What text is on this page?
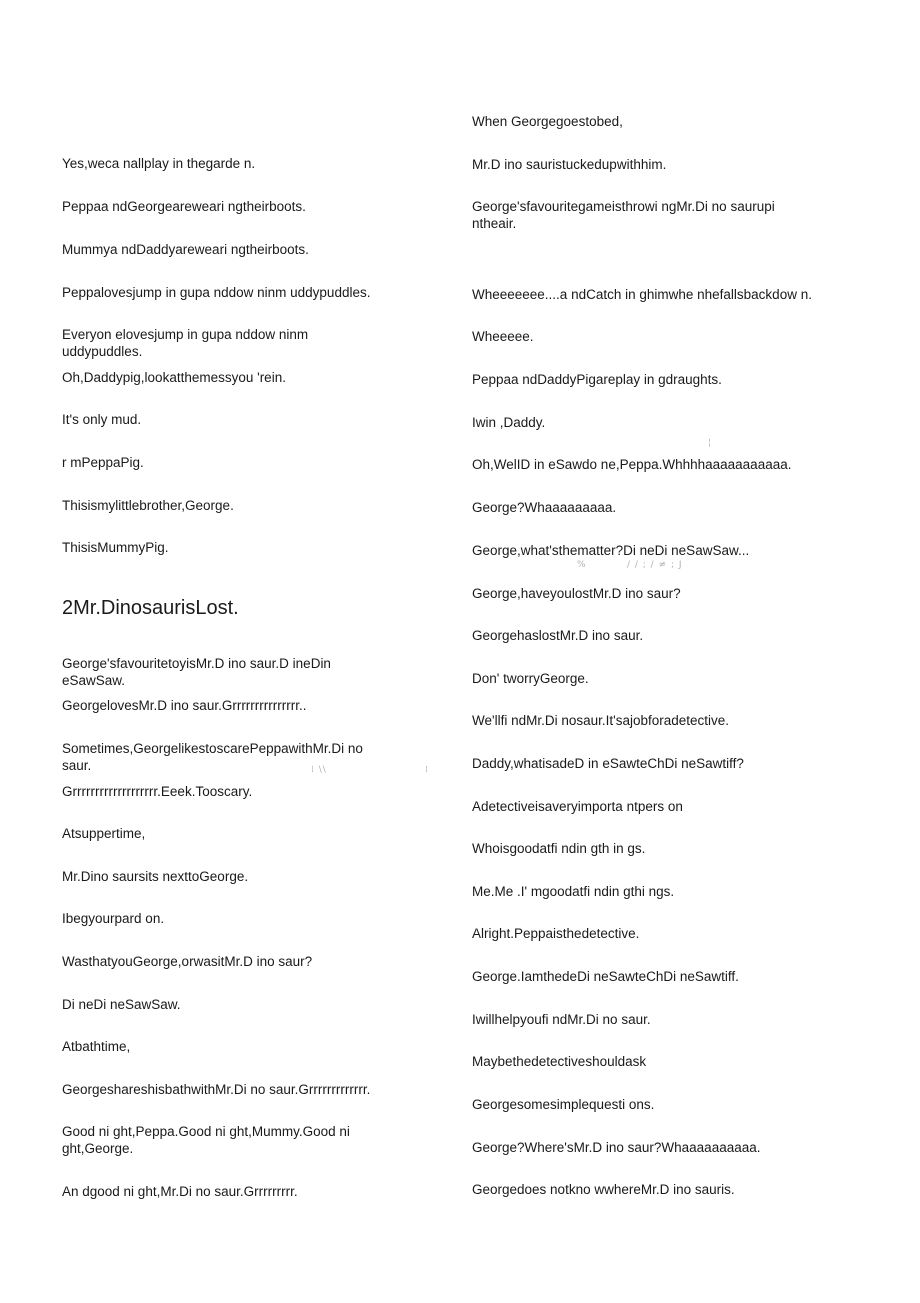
Yes,weca nallplay in thegarde n.
Peppaa ndGeorgeareweari ngtheirboots.
Mummya ndDaddyareweari ngtheirboots.
Peppalovesjump in gupa nddow ninm uddypuddles.
Everyon elovesjump in gupa nddow ninm uddypuddles.
Oh,Daddypig,lookatthemessyou 'rein.
It's only mud.
r mPeppaPig.
Thisismylittlebrother,George.
ThisisMummyPig.
2Mr.DinosaurisLost.
George'sfavouritetoyisMr.D ino saur.D ineDin eSawSaw.
GeorgelovesMr.D ino saur.Grrrrrrrrrrrrrrr..
Sometimes,GeorgelikestoscarePeppawithMr.Di no saur.
Grrrrrrrrrrrrrrrrrrr.Eeek.Tooscary.
Atsuppertime,
Mr.Dino saursits nexttoGeorge.
Ibegyourpard on.
WasthatyouGeorge,orwasitMr.D ino saur?
Di neDi neSawSaw.
Atbathtime,
GeorgeshareshisbathwithMr.Di no saur.Grrrrrrrrrrrrr.
Good ni ght,Peppa.Good ni ght,Mummy.Good ni ght,George.
An dgood ni ght,Mr.Di no saur.Grrrrrrrrr.
When Georgegoestobed,
Mr.D ino sauristuckedupwithhim.
George'sfavouritegameisthrowi ngMr.Di no saurupi ntheair.
Wheeeeeee....a ndCatch in ghimwhe nhefallsbackdow n.
Wheeeee.
Peppaa ndDaddyPigareplay in gdraughts.
Iwin ,Daddy.
Oh,WelID in eSawdo ne,Peppa.Whhhhaaaaaaaaaaa.
George?Whaaaaaaaaa.
George,what'sthematter?Di neDi neSawSaw...
George,haveyoulostMr.D ino saur?
GeorgehaslostMr.D ino saur.
Don' tworryGeorge.
We'llfi ndMr.Di nosaur.It'sajobforadetective.
Daddy,whatisadeD in eSawteChDi neSawtiff?
Adetectiveisaveryimporta ntpers on
Whoisgoodatfi ndin gth in gs.
Me.Me .I' mgoodatfi ndin gthi ngs.
Alright.Peppaisthedetective.
George.IamthedeDi neSawteChDi neSawtiff.
Iwillhelpyoufi ndMr.Di no saur.
Maybethedetectiveshouldask
Georgesomesimplequesti ons.
George?Where'sMr.D ino saur?Whaaaaaaaaaa.
Georgedoes notkno wwhereMr.D ino sauris.
⁞ \\	⁞
¦
%	/ / ; / ≠ ; J
